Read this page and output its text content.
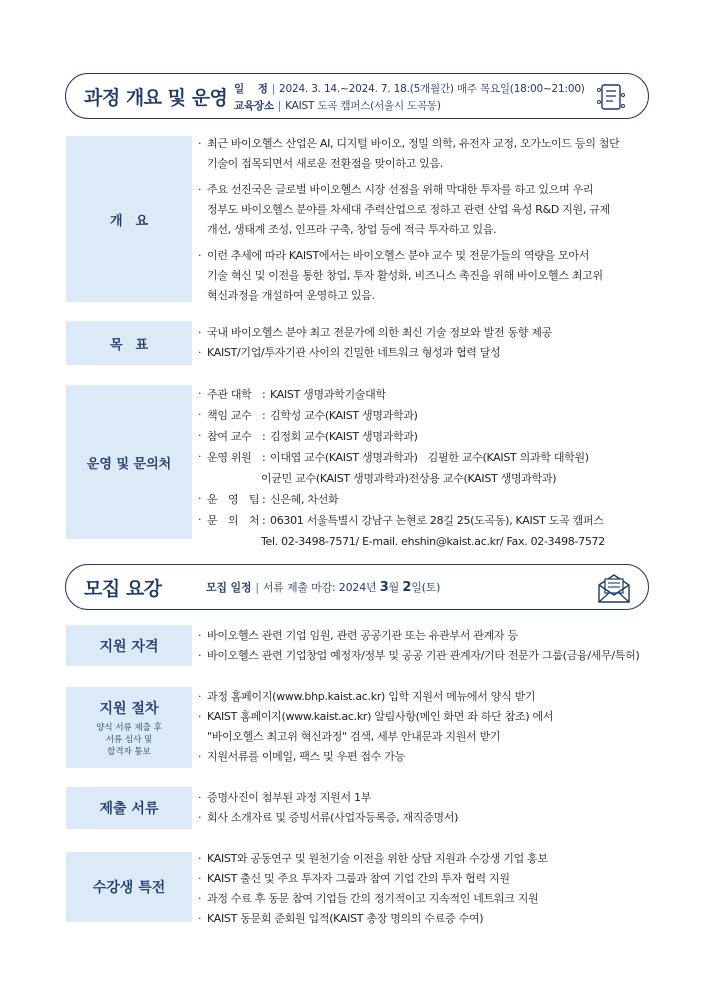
과정 개요 및 운영 일　 정 | 2024. 3. 14.~2024. 7. 18.(5개월간) 매주 목요일(18:00~21:00)
교육장소 | KAIST 도곡 캠퍼스(서울시 도곡동)
개　요
· 최근 바이오헬스 산업은 AI, 디지털 바이오, 정밀 의학, 유전자 교정, 오가노이드 등의 첨단
기술이 접목되면서 새로운 전환점을 맞이하고 있음.
· 주요 선진국은 글로벌 바이오헬스 시장 선점을 위해 막대한 투자를 하고 있으며 우리
정부도 바이오헬스 분야를 차세대 주력산업으로 정하고 관련 산업 육성 R&D 지원, 규제
개선, 생태계 조성, 인프라 구축, 창업 등에 적극 투자하고 있음.
· 이런 추세에 따라 KAIST에서는 바이오헬스 분야 교수 및 전문가들의 역량을 모아서
기술 혁신 및 이전을 통한 창업, 투자 활성화, 비즈니스 촉진을 위해 바이오헬스 최고위
혁신과정을 개설하여 운영하고 있음.
목　표
· 국내 바이오헬스 분야 최고 전문가에 의한 최신 기술 정보와 발전 동향 제공
· KAIST/기업/투자기관 사이의 긴밀한 네트워크 형성과 협력 달성
운영 및 문의처
· 주관 대학 : KAIST 생명과학기술대학
· 책임 교수 : 김학성 교수(KAIST 생명과학과)
· 참여 교수 : 김정회 교수(KAIST 생명과학과)
· 운영 위원 : 이대엽 교수(KAIST 생명과학과) 김필한 교수(KAIST 의과학 대학원)
이균민 교수(KAIST 생명과학과)전상용 교수(KAIST 생명과학과)
· 운　영　팀 : 신은혜, 차선화
· 문　의　처 : 06301 서울특별시 강남구 논현로 28길 25(도곡동), KAIST 도곡 캠퍼스
Tel. 02-3498-7571/ E-mail. ehshin@kaist.ac.kr/ Fax. 02-3498-7572
모집 요강	모집 일정 | 서류 제출 마감: 2024년 3월 2일(토)
지원 자격
· 바이오헬스 관련 기업 임원, 관련 공공기관 또는 유관부서 관계자 등
· 바이오헬스 관련 기업창업 예정자/정부 및 공공 기관 관계자/기타 전문가 그룹(금융/세무/특허)
지원 절차
양식 서류 제출 후
서류 심사 및
합격자 통보
· 과정 홈페이지(www.bhp.kaist.ac.kr) 입학 지원서 메뉴에서 양식 받기
· KAIST 홈페이지(www.kaist.ac.kr) 알림사항(메인 화면 좌 하단 참조) 에서
"바이오헬스 최고위 혁신과정" 검색, 세부 안내문과 지원서 받기
· 지원서류를 이메일, 팩스 및 우편 접수 가능
제출 서류
· 증명사진이 첨부된 과정 지원서 1부
· 회사 소개자료 및 증빙서류(사업자등록증, 재직증명서)
수강생 특전
· KAIST와 공동연구 및 원천기술 이전을 위한 상담 지원과 수강생 기업 홍보
· KAIST 출신 및 주요 투자자 그룹과 참여 기업 간의 투자 협력 지원
· 과정 수료 후 동문 참여 기업들 간의 정기적이고 지속적인 네트워크 지원
· KAIST 동문회 준회원 입적(KAIST 총장 명의의 수료증 수여)
